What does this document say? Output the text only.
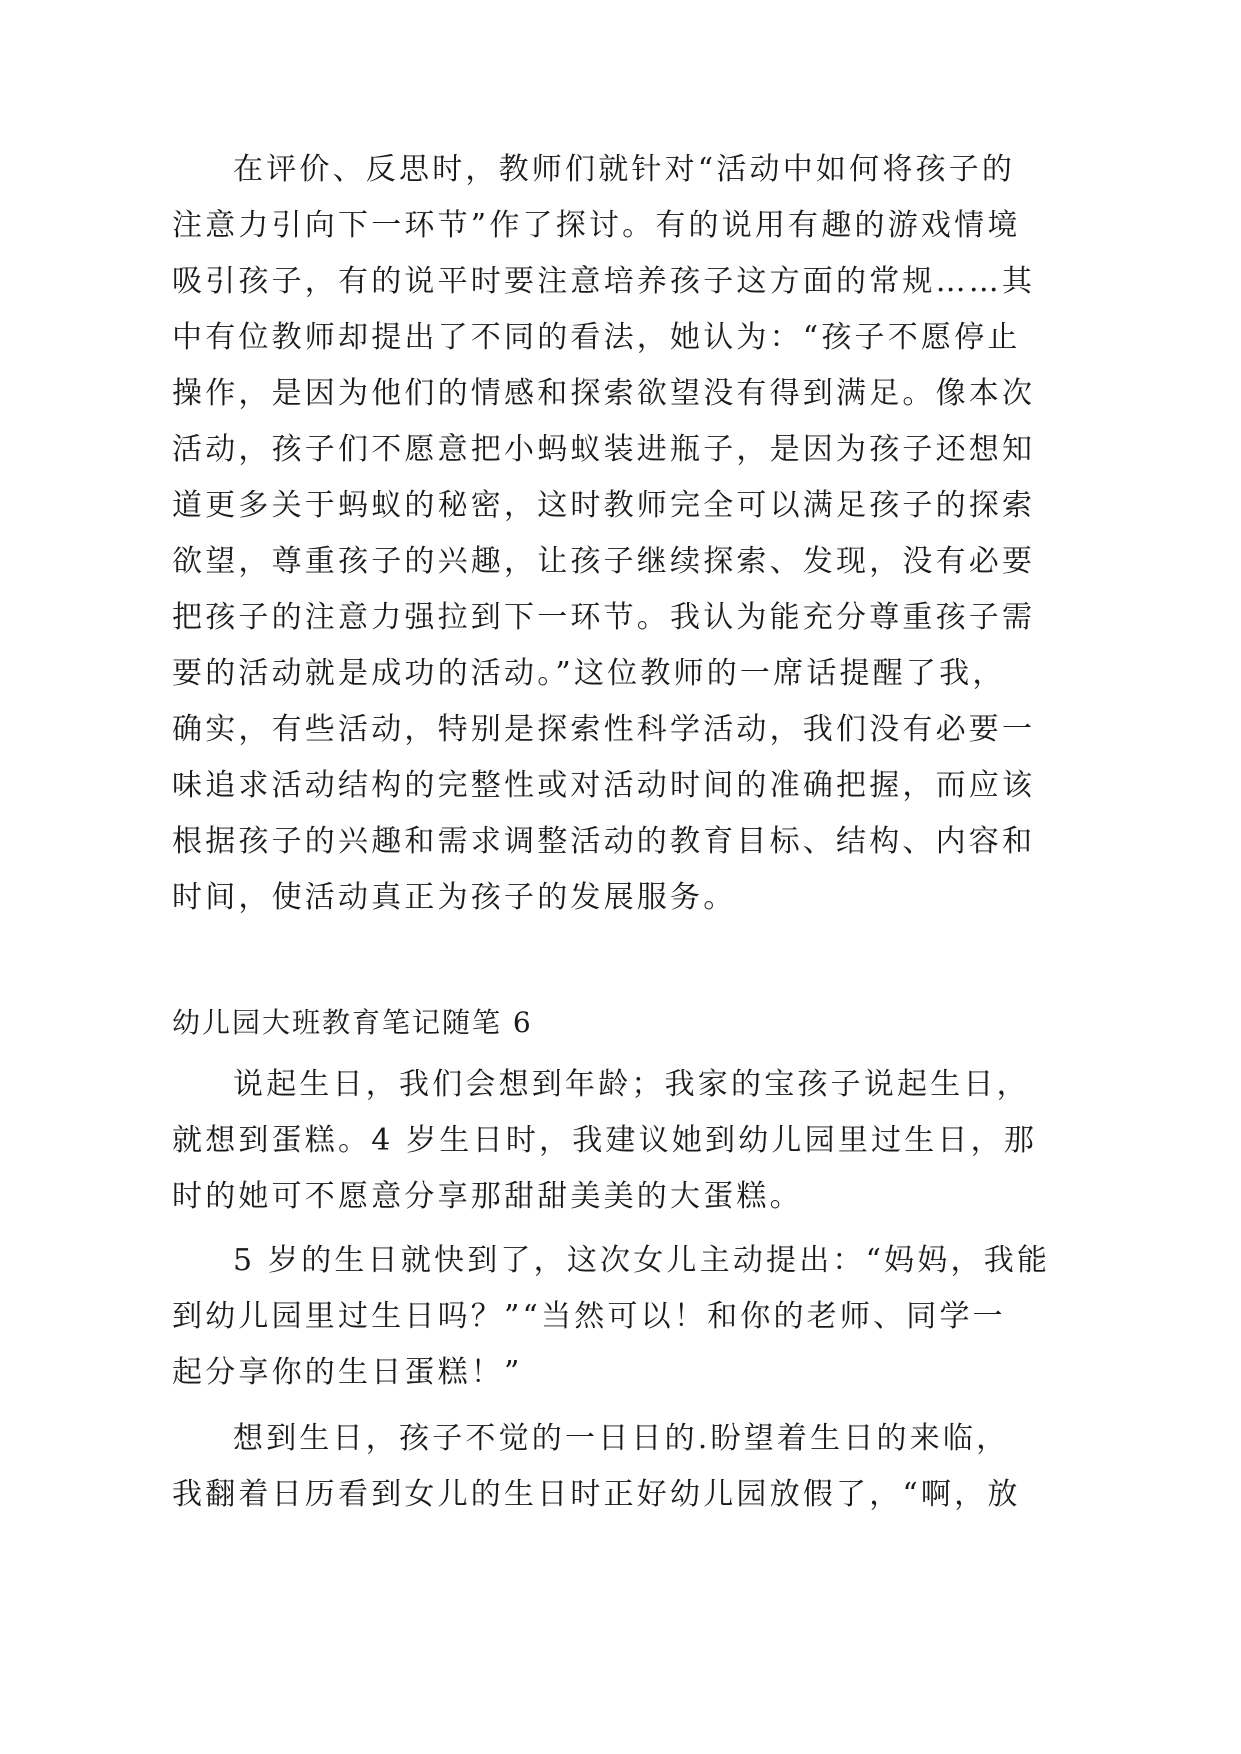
在评价、反思时，教师们就针对“活动中如何将孩子的
注意力引向下一环节”作了探讨。有的说用有趣的游戏情境
吸引孩子，有的说平时要注意培养孩子这方面的常规……其
中有位教师却提出了不同的看法，她认为：“孩子不愿停止
操作，是因为他们的情感和探索欲望没有得到满足。像本次
活动，孩子们不愿意把小蚂蚁装进瓶子，是因为孩子还想知
道更多关于蚂蚁的秘密，这时教师完全可以满足孩子的探索
欲望，尊重孩子的兴趣，让孩子继续探索、发现，没有必要
把孩子的注意力强拉到下一环节。我认为能充分尊重孩子需
要的活动就是成功的活动。”这位教师的一席话提醒了我，
确实，有些活动，特别是探索性科学活动，我们没有必要一
味追求活动结构的完整性或对活动时间的准确把握，而应该
根据孩子的兴趣和需求调整活动的教育目标、结构、内容和
时间，使活动真正为孩子的发展服务。
幼儿园大班教育笔记随笔 6
说起生日，我们会想到年龄；我家的宝孩子说起生日，
就想到蛋糕。4 岁生日时，我建议她到幼儿园里过生日，那
时的她可不愿意分享那甜甜美美的大蛋糕。
5 岁的生日就快到了，这次女儿主动提出：“妈妈，我能
到幼儿园里过生日吗？”“当然可以！和你的老师、同学一
起分享你的生日蛋糕！”
想到生日，孩子不觉的一日日的.盼望着生日的来临，
我翻着日历看到女儿的生日时正好幼儿园放假了，“啊，放
